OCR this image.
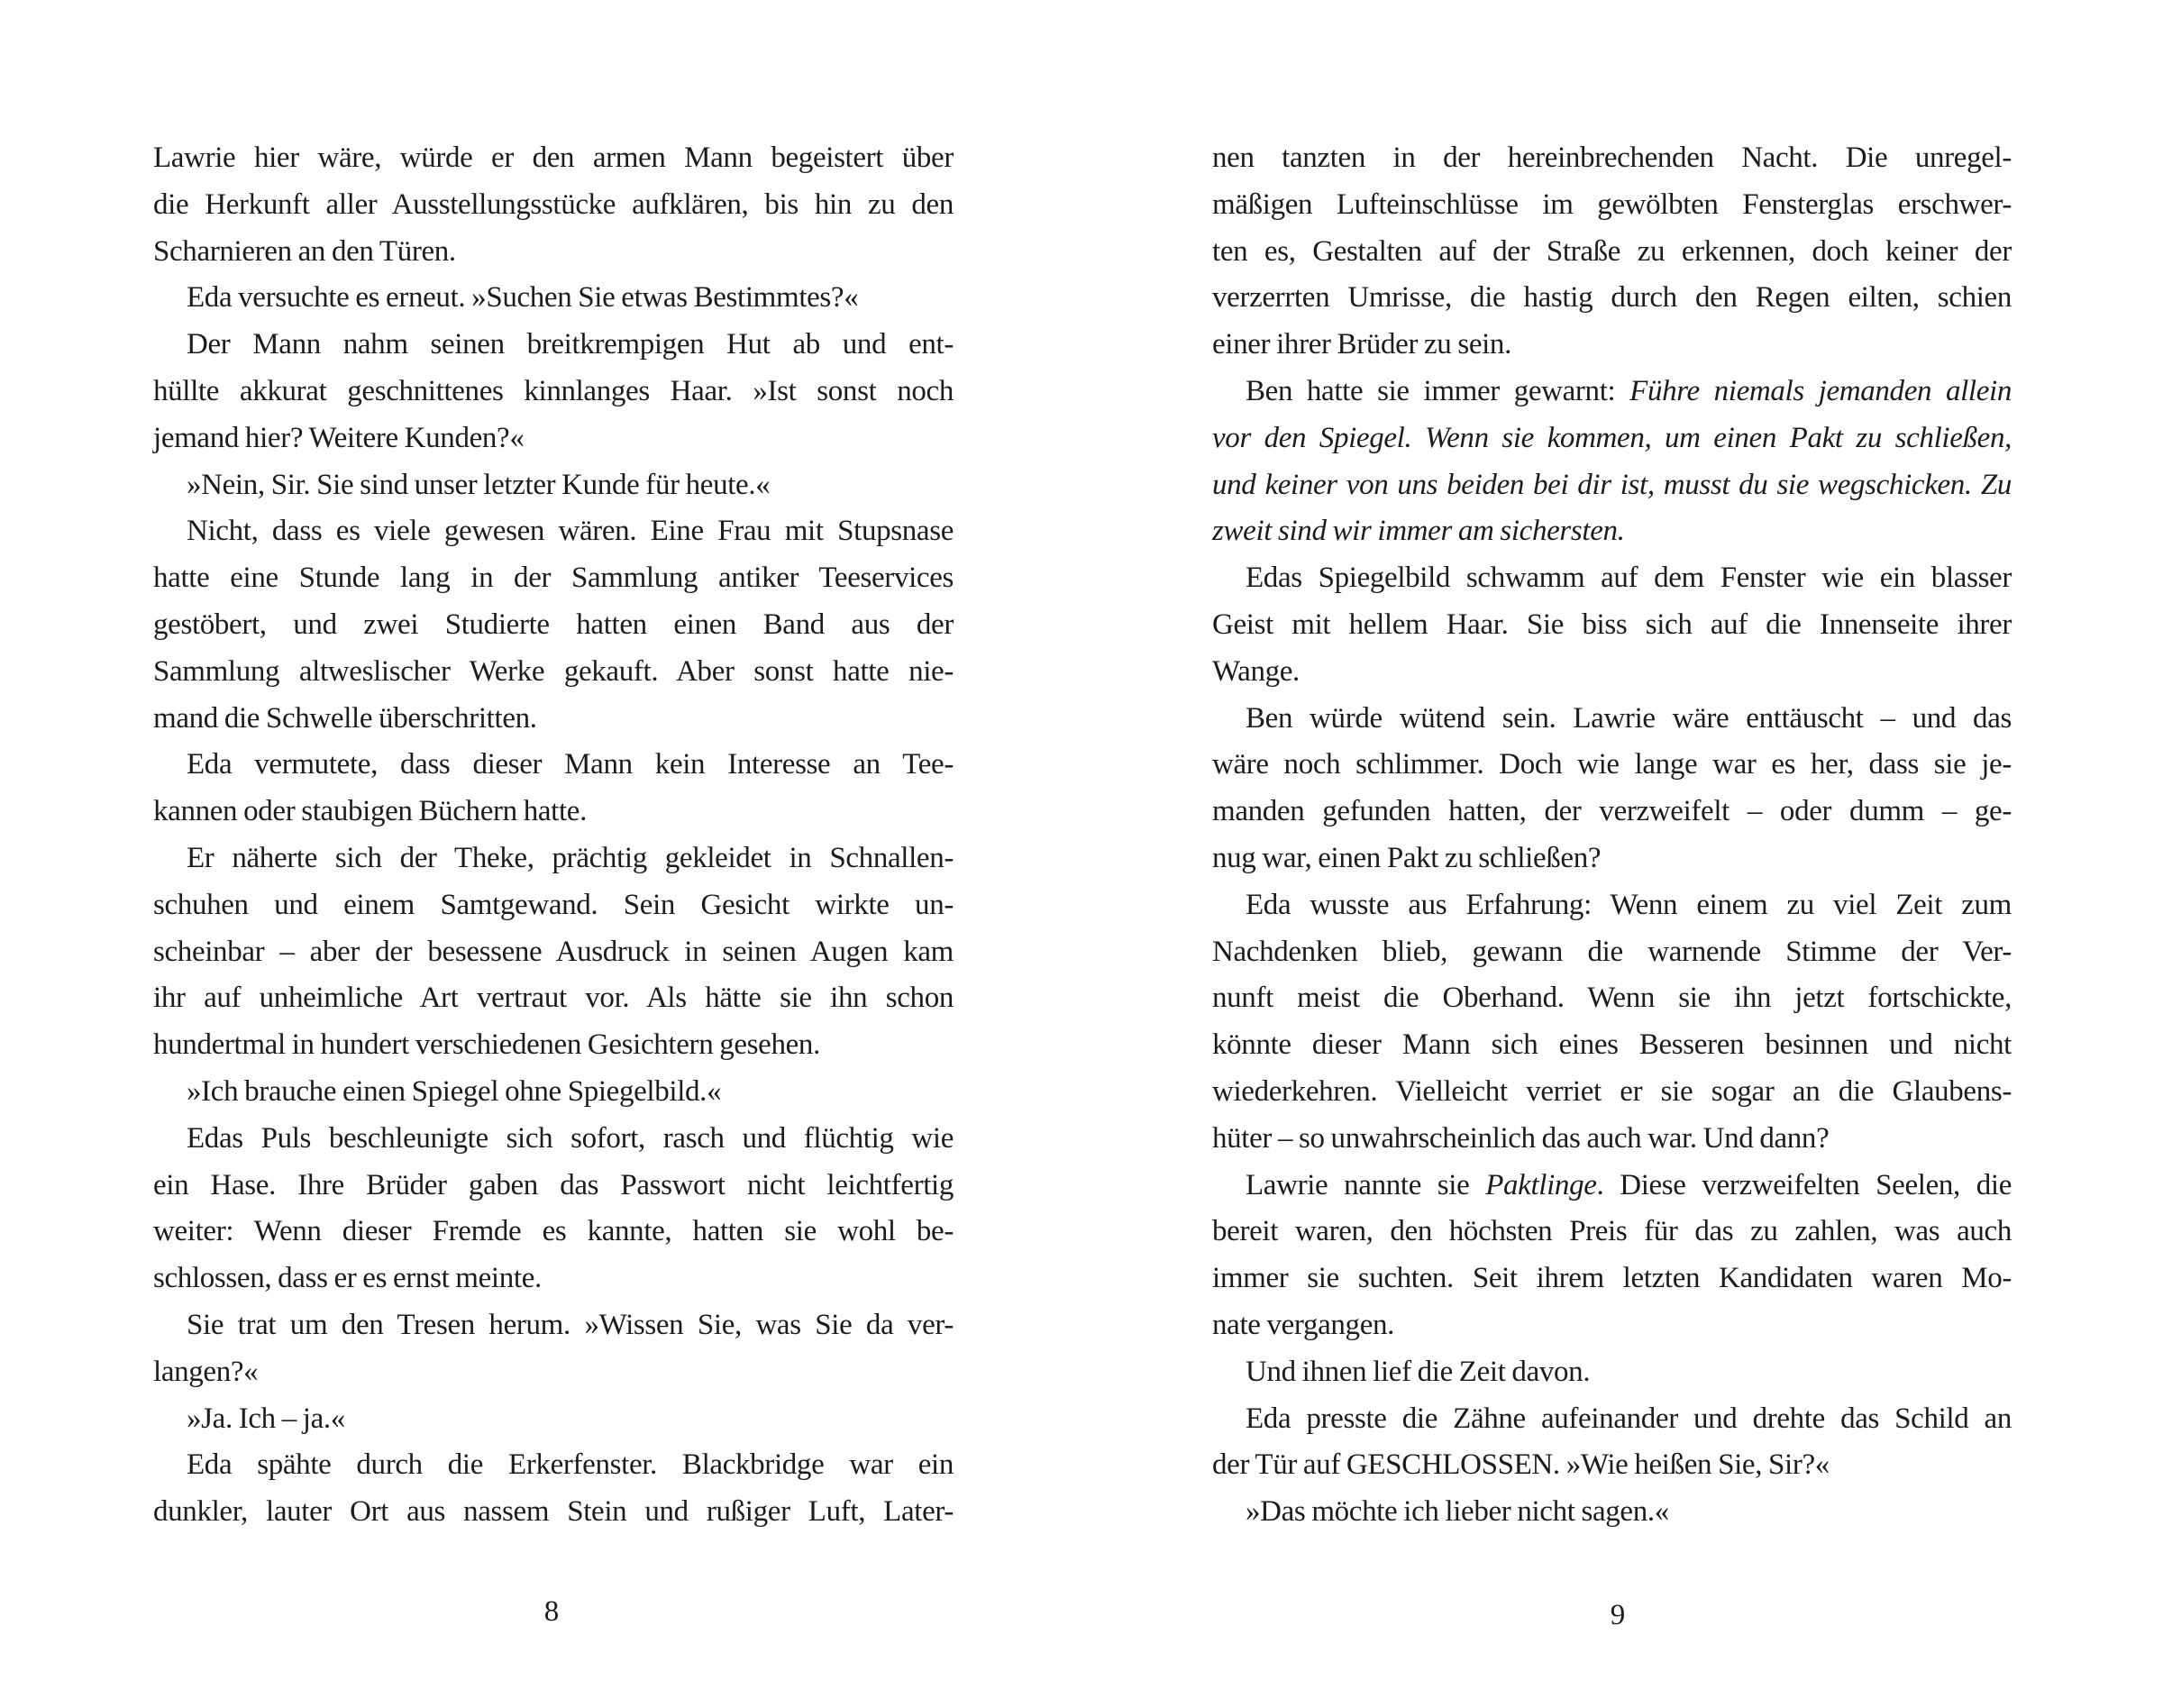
Lawrie hier wäre, würde er den armen Mann begeistert über
die Herkunft aller Ausstellungsstücke aufklären, bis hin zu den
Scharnieren an den Türen.
Eda versuchte es erneut. »Suchen Sie etwas Bestimmtes?«
Der Mann nahm seinen breitkrempigen Hut ab und ent-
hüllte akkurat geschnittenes kinnlanges Haar. »Ist sonst noch
jemand hier? Weitere Kunden?«
»Nein, Sir. Sie sind unser letzter Kunde für heute.«
Nicht, dass es viele gewesen wären. Eine Frau mit Stupsnase
hatte eine Stunde lang in der Sammlung antiker Teeservices
gestöbert, und zwei Studierte hatten einen Band aus der
Sammlung altweslischer Werke gekauft. Aber sonst hatte nie-
mand die Schwelle überschritten.
Eda vermutete, dass dieser Mann kein Interesse an Tee-
kannen oder staubigen Büchern hatte.
Er näherte sich der Theke, prächtig gekleidet in Schnallen-
schuhen und einem Samtgewand. Sein Gesicht wirkte un-
scheinbar – aber der besessene Ausdruck in seinen Augen kam
ihr auf unheimliche Art vertraut vor. Als hätte sie ihn schon
hundertmal in hundert verschiedenen Gesichtern gesehen.
»Ich brauche einen Spiegel ohne Spiegelbild.«
Edas Puls beschleunigte sich sofort, rasch und flüchtig wie
ein Hase. Ihre Brüder gaben das Passwort nicht leichtfertig
weiter: Wenn dieser Fremde es kannte, hatten sie wohl be-
schlossen, dass er es ernst meinte.
Sie trat um den Tresen herum. »Wissen Sie, was Sie da ver-
langen?«
»Ja. Ich – ja.«
Eda spähte durch die Erkerfenster. Blackbridge war ein
dunkler, lauter Ort aus nassem Stein und rußiger Luft, Later-
8
nen tanzten in der hereinbrechenden Nacht. Die unregel-
mäßigen Lufteinschlüsse im gewölbten Fensterglas erschwer-
ten es, Gestalten auf der Straße zu erkennen, doch keiner der
verzerrten Umrisse, die hastig durch den Regen eilten, schien
einer ihrer Brüder zu sein.
Ben hatte sie immer gewarnt: Führe niemals jemanden allein
vor den Spiegel. Wenn sie kommen, um einen Pakt zu schließen,
und keiner von uns beiden bei dir ist, musst du sie wegschicken. Zu
zweit sind wir immer am sichersten.
Edas Spiegelbild schwamm auf dem Fenster wie ein blasser
Geist mit hellem Haar. Sie biss sich auf die Innenseite ihrer
Wange.
Ben würde wütend sein. Lawrie wäre enttäuscht – und das
wäre noch schlimmer. Doch wie lange war es her, dass sie je-
manden gefunden hatten, der verzweifelt – oder dumm – ge-
nug war, einen Pakt zu schließen?
Eda wusste aus Erfahrung: Wenn einem zu viel Zeit zum
Nachdenken blieb, gewann die warnende Stimme der Ver-
nunft meist die Oberhand. Wenn sie ihn jetzt fortschickte,
könnte dieser Mann sich eines Besseren besinnen und nicht
wiederkehren. Vielleicht verriet er sie sogar an die Glaubens-
hüter – so unwahrscheinlich das auch war. Und dann?
Lawrie nannte sie Paktlinge. Diese verzweifelten Seelen, die
bereit waren, den höchsten Preis für das zu zahlen, was auch
immer sie suchten. Seit ihrem letzten Kandidaten waren Mo-
nate vergangen.
Und ihnen lief die Zeit davon.
Eda presste die Zähne aufeinander und drehte das Schild an
der Tür auf GESCHLOSSEN. »Wie heißen Sie, Sir?«
»Das möchte ich lieber nicht sagen.«
9
